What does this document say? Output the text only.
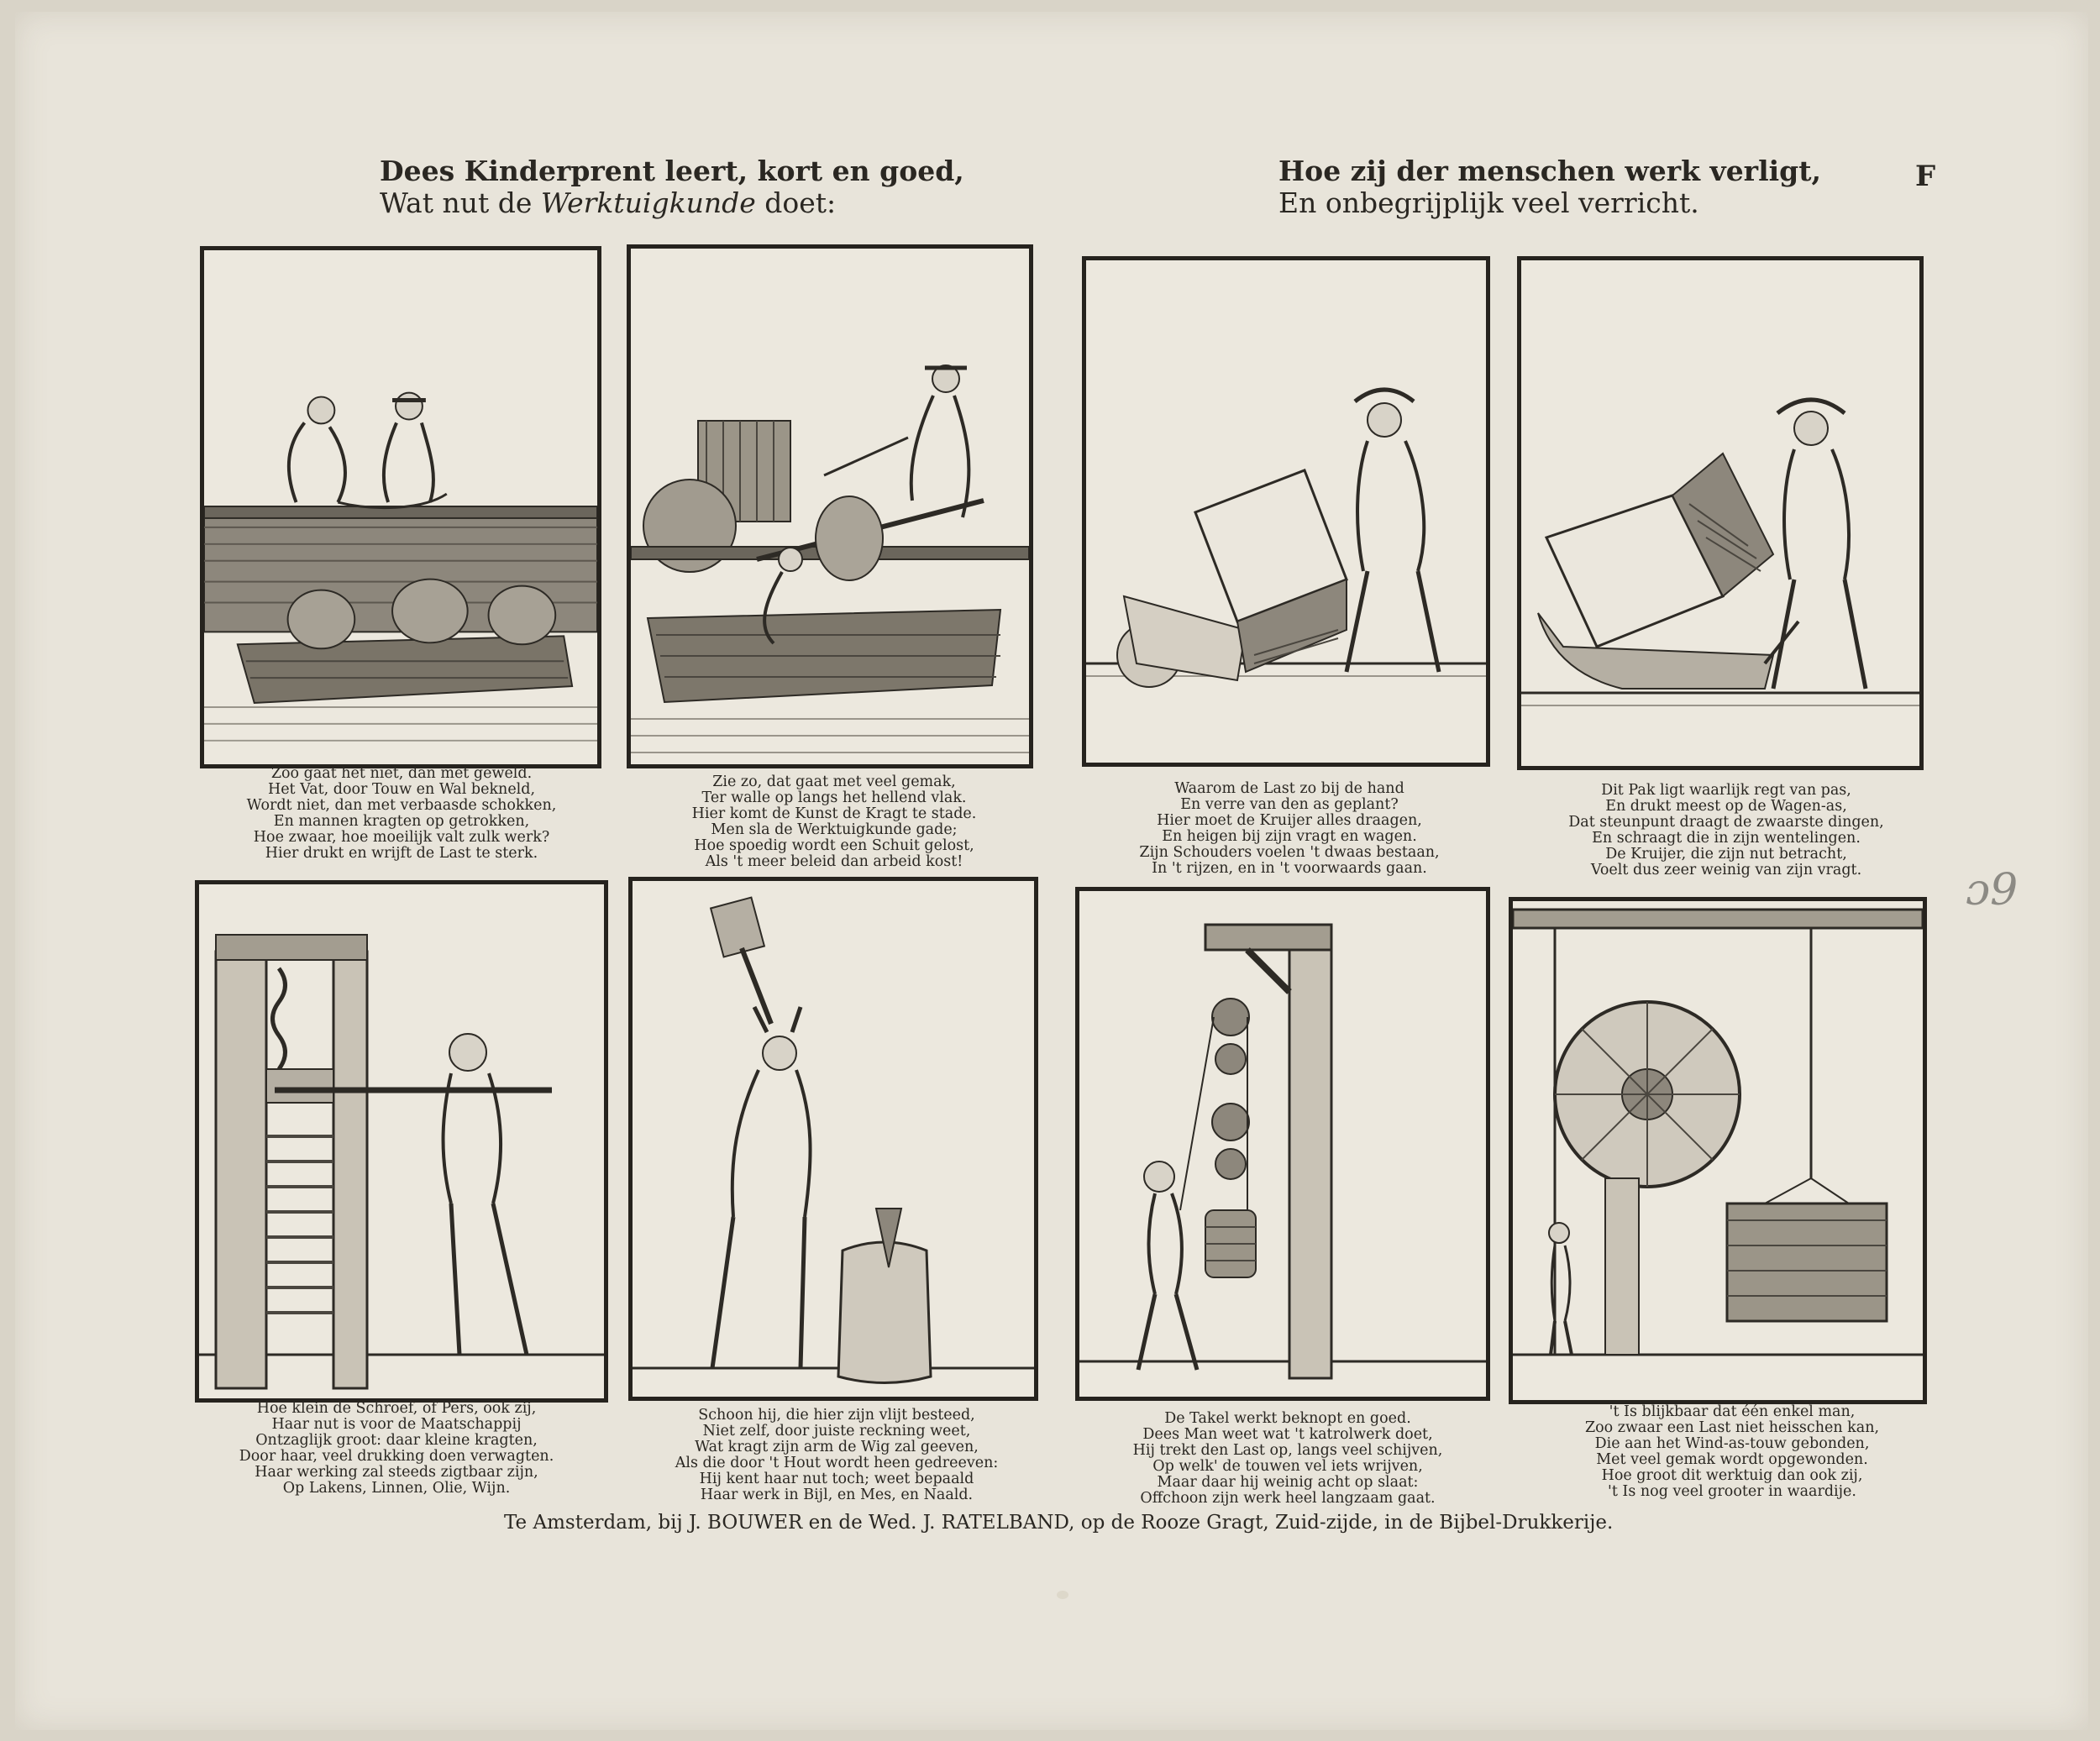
Dees Kinderprent leert, kort en goed,
Wat nut de Werktuigkunde doet:
Hoe zij der menschen werk verligt,
En onbegrijplijk veel verricht.
F
Zoo gaat het niet, dan met geweld.
Het Vat, door Touw en Wal bekneld,
Wordt niet, dan met verbaasde schokken,
En mannen kragten op getrokken,
Hoe zwaar, hoe moeilijk valt zulk werk?
Hier drukt en wrijft de Last te sterk.
Zie zo, dat gaat met veel gemak,
Ter walle op langs het hellend vlak.
Hier komt de Kunst de Kragt te stade.
Men sla de Werktuigkunde gade;
Hoe spoedig wordt een Schuit gelost,
Als 't meer beleid dan arbeid kost!
Waarom de Last zo bij de hand
En verre van den as geplant?
Hier moet de Kruijer alles draagen,
En heigen bij zijn vragt en wagen.
Zijn Schouders voelen 't dwaas bestaan,
In 't rijzen, en in 't voorwaards gaan.
Dit Pak ligt waarlijk regt van pas,
En drukt meest op de Wagen-as,
Dat steunpunt draagt de zwaarste dingen,
En schraagt die in zijn wentelingen.
De Kruijer, die zijn nut betracht,
Voelt dus zeer weinig van zijn vragt.
Hoe klein de Schroef, of Pers, ook zij,
Haar nut is voor de Maatschappij
Ontzaglijk groot: daar kleine kragten,
Door haar, veel drukking doen verwagten.
Haar werking zal steeds zigtbaar zijn,
Op Lakens, Linnen, Olie, Wijn.
Schoon hij, die hier zijn vlijt besteed,
Niet zelf, door juiste reckning weet,
Wat kragt zijn arm de Wig zal geeven,
Als die door 't Hout wordt heen gedreeven:
Hij kent haar nut toch; weet bepaald
Haar werk in Bijl, en Mes, en Naald.
De Takel werkt beknopt en goed.
Dees Man weet wat 't katrolwerk doet,
Hij trekt den Last op, langs veel schijven,
Op welk' de touwen vel iets wrijven,
Maar daar hij weinig acht op slaat:
Offchoon zijn werk heel langzaam gaat.
't Is blijkbaar dat één enkel man,
Zoo zwaar een Last niet heisschen kan,
Die aan het Wind-as-touw gebonden,
Met veel gemak wordt opgewonden.
Hoe groot dit werktuig dan ook zij,
't Is nog veel grooter in waardije.
Te Amsterdam, bij J. BOUWER en de Wed. J. RATELBAND, op de Rooze Gragt, Zuid-zijde, in de Bijbel-Drukkerije.
ɔ9
